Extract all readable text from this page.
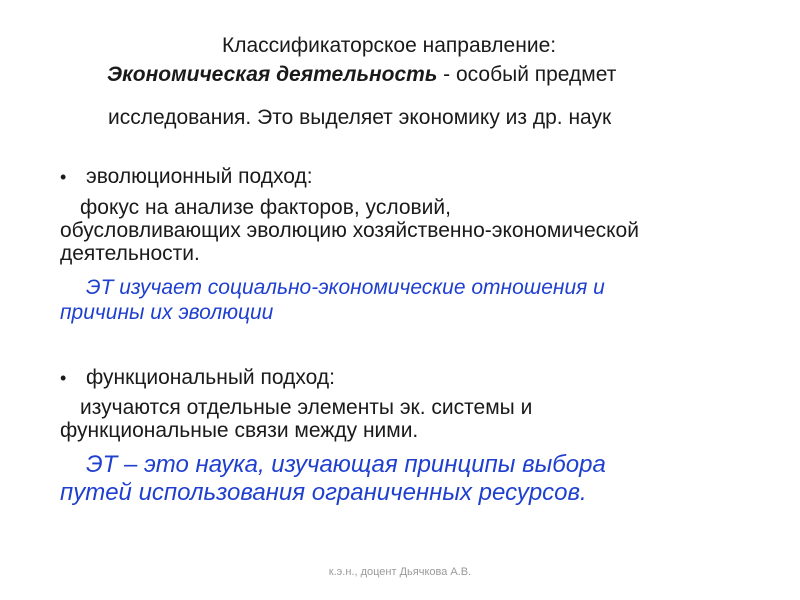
Классификаторское направление:
Экономическая деятельность - особый предмет
исследования. Это выделяет экономику из др. наук
• эволюционный подход:
фокус на анализе факторов, условий,
обусловливающих эволюцию хозяйственно-экономической деятельности.
ЭТ изучает социально-экономические отношения и
причины их эволюции
• функциональный подход:
изучаются отдельные элементы эк. системы и
функциональные связи между ними.
ЭТ – это наука, изучающая принципы выбора
путей использования ограниченных ресурсов.
к.э.н., доцент Дьячкова А.В.
